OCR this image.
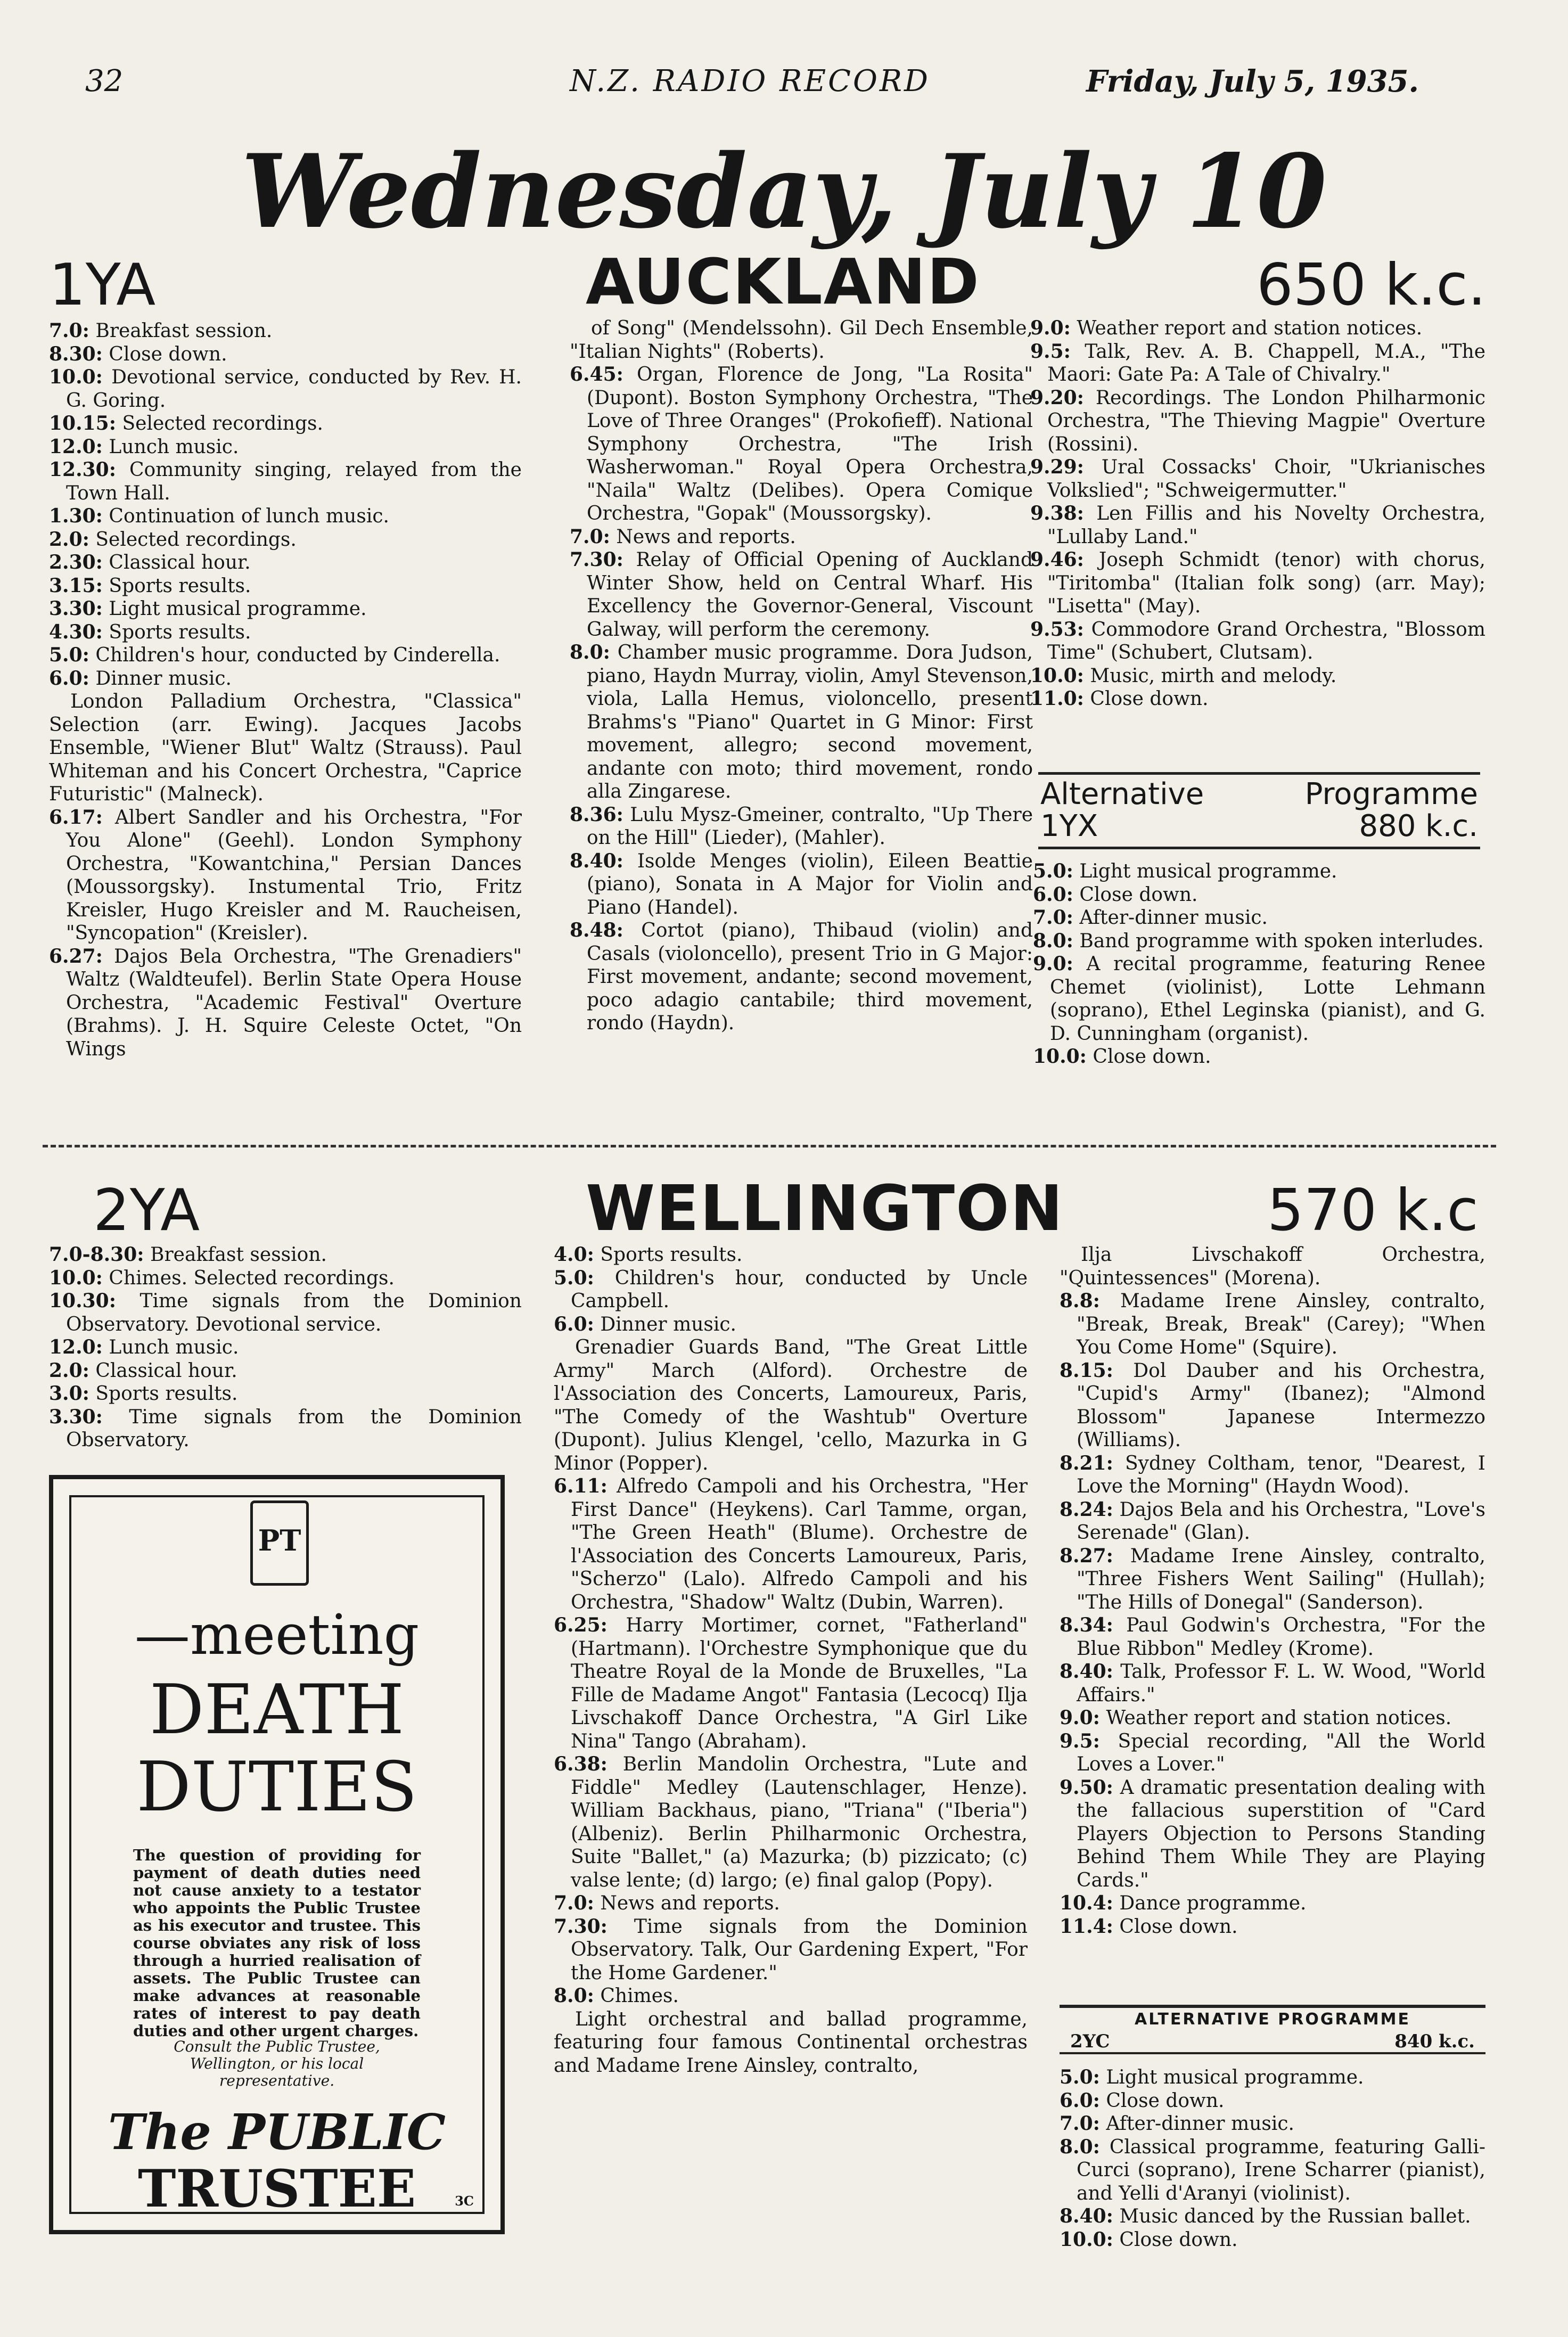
32	N.Z. RADIO RECORD	Friday, July 5, 1935.
Wednesday, July 10
1YA	AUCKLAND	650 k.c.

7.0: Breakfast session.

8.30: Close down.

10.0: Devotional service, conducted by Rev. H. G. Goring.

10.15: Selected recordings.

12.0: Lunch music.

12.30: Community singing, relayed from the Town Hall.

1.30: Continuation of lunch music.

2.0: Selected recordings.

2.30: Classical hour.

3.15: Sports results.

3.30: Light musical programme.

4.30: Sports results.

5.0: Children's hour, conducted by Cinderella.

6.0: Dinner music.

London Palladium Orchestra, "Classica" Selection (arr. Ewing). Jacques Jacobs Ensemble, "Wiener Blut" Waltz (Strauss). Paul Whiteman and his Concert Orchestra, "Caprice Futuristic" (Malneck).

6.17: Albert Sandler and his Orchestra, "For You Alone" (Geehl). London Symphony Orchestra, "Kowantchina," Persian Dances (Moussorgsky). Instumental Trio, Fritz Kreisler, Hugo Kreisler and M. Raucheisen, "Syncopation" (Kreisler).

6.27: Dajos Bela Orchestra, "The Grenadiers" Waltz (Waldteufel). Berlin State Opera House Orchestra, "Academic Festival" Overture (Brahms). J. H. Squire Celeste Octet, "On Wings

of Song" (Mendelssohn). Gil Dech Ensemble, "Italian Nights" (Roberts).

6.45: Organ, Florence de Jong, "La Rosita" (Dupont). Boston Symphony Orchestra, "The Love of Three Oranges" (Prokofieff). National Symphony Orchestra, "The Irish Washerwoman." Royal Opera Orchestra, "Naila" Waltz (Delibes). Opera Comique Orchestra, "Gopak" (Moussorgsky).

7.0: News and reports.

7.30: Relay of Official Opening of Auckland Winter Show, held on Central Wharf. His Excellency the Governor-General, Viscount Galway, will perform the ceremony.

8.0: Chamber music programme. Dora Judson, piano, Haydn Murray, violin, Amyl Stevenson, viola, Lalla Hemus, violoncello, present Brahms's "Piano" Quartet in G Minor: First movement, allegro; second movement, andante con moto; third movement, rondo alla Zingarese.

8.36: Lulu Mysz-Gmeiner, contralto, "Up There on the Hill" (Lieder), (Mahler).

8.40: Isolde Menges (violin), Eileen Beattie (piano), Sonata in A Major for Violin and Piano (Handel).

8.48: Cortot (piano), Thibaud (violin) and Casals (violoncello), present Trio in G Major: First movement, andante; second movement, poco adagio cantabile; third movement, rondo (Haydn).

9.0: Weather report and station notices.

9.5: Talk, Rev. A. B. Chappell, M.A., "The Maori: Gate Pa: A Tale of Chivalry."

9.20: Recordings. The London Philharmonic Orchestra, "The Thieving Magpie" Overture (Rossini).

9.29: Ural Cossacks' Choir, "Ukrianisches Volkslied"; "Schweigermutter."

9.38: Len Fillis and his Novelty Orchestra, "Lullaby Land."

9.46: Joseph Schmidt (tenor) with chorus, "Tiritomba" (Italian folk song) (arr. May); "Lisetta" (May).

9.53: Commodore Grand Orchestra, "Blossom Time" (Schubert, Clutsam).

10.0: Music, mirth and melody.

11.0: Close down.

Alternative	Programme
1YX	880 k.c.

5.0: Light musical programme.

6.0: Close down.

7.0: After-dinner music.

8.0: Band programme with spoken interludes.

9.0: A recital programme, featuring Renee Chemet (violinist), Lotte Lehmann (soprano), Ethel Leginska (pianist), and G. D. Cunningham (organist).

10.0: Close down.

2YA	WELLINGTON	570 k.c

7.0-8.30: Breakfast session.

10.0: Chimes. Selected recordings.

10.30: Time signals from the Dominion Observatory. Devotional service.

12.0: Lunch music.

2.0: Classical hour.

3.0: Sports results.

3.30: Time signals from the Dominion Observatory.

4.0: Sports results.

5.0: Children's hour, conducted by Uncle Campbell.

6.0: Dinner music.

Grenadier Guards Band, "The Great Little Army" March (Alford). Orchestre de l'Association des Concerts, Lamoureux, Paris, "The Comedy of the Washtub" Overture (Dupont). Julius Klengel, 'cello, Mazurka in G Minor (Popper).

6.11: Alfredo Campoli and his Orchestra, "Her First Dance" (Heykens). Carl Tamme, organ, "The Green Heath" (Blume). Orchestre de l'Association des Concerts Lamoureux, Paris, "Scherzo" (Lalo). Alfredo Campoli and his Orchestra, "Shadow" Waltz (Dubin, Warren).

6.25: Harry Mortimer, cornet, "Fatherland" (Hartmann). l'Orchestre Symphonique que du Theatre Royal de la Monde de Bruxelles, "La Fille de Madame Angot" Fantasia (Lecocq) Ilja Livschakoff Dance Orchestra, "A Girl Like Nina" Tango (Abraham).

6.38: Berlin Mandolin Orchestra, "Lute and Fiddle" Medley (Lautenschlager, Henze). William Backhaus, piano, "Triana" ("Iberia") (Albeniz). Berlin Philharmonic Orchestra, Suite "Ballet," (a) Mazurka; (b) pizzicato; (c) valse lente; (d) largo; (e) final galop (Popy).

7.0: News and reports.

7.30: Time signals from the Dominion Observatory. Talk, Our Gardening Expert, "For the Home Gardener."

8.0: Chimes.

Light orchestral and ballad programme, featuring four famous Continental orchestras and Madame Irene Ainsley, contralto,

Ilja Livschakoff Orchestra, "Quintessences" (Morena).

8.8: Madame Irene Ainsley, contralto, "Break, Break, Break" (Carey); "When You Come Home" (Squire).

8.15: Dol Dauber and his Orchestra, "Cupid's Army" (Ibanez); "Almond Blossom" Japanese Intermezzo (Williams).

8.21: Sydney Coltham, tenor, "Dearest, I Love the Morning" (Haydn Wood).

8.24: Dajos Bela and his Orchestra, "Love's Serenade" (Glan).

8.27: Madame Irene Ainsley, contralto, "Three Fishers Went Sailing" (Hullah); "The Hills of Donegal" (Sanderson).

8.34: Paul Godwin's Orchestra, "For the Blue Ribbon" Medley (Krome).

8.40: Talk, Professor F. L. W. Wood, "World Affairs."

9.0: Weather report and station notices.

9.5: Special recording, "All the World Loves a Lover."

9.50: A dramatic presentation dealing with the fallacious superstition of "Card Players Objection to Persons Standing Behind Them While They are Playing Cards."

10.4: Dance programme.

11.4: Close down.

ALTERNATIVE PROGRAMME
2YC	840 k.c.

5.0: Light musical programme.

6.0: Close down.

7.0: After-dinner music.

8.0: Classical programme, featuring Galli-Curci (soprano), Irene Scharrer (pianist), and Yelli d'Aranyi (violinist).

8.40: Music danced by the Russian ballet.

10.0: Close down.

PT
—meeting
DEATH
DUTIES
The question of providing for payment of death duties need not cause anxiety to a testator who appoints the Public Trustee as his executor and trustee. This course obviates any risk of loss through a hurried realisation of assets. The Public Trustee can make advances at reasonable rates of interest to pay death duties and other urgent charges.
Consult the Public Trustee, Wellington, or his local representative.
The PUBLIC
TRUSTEE	3C
